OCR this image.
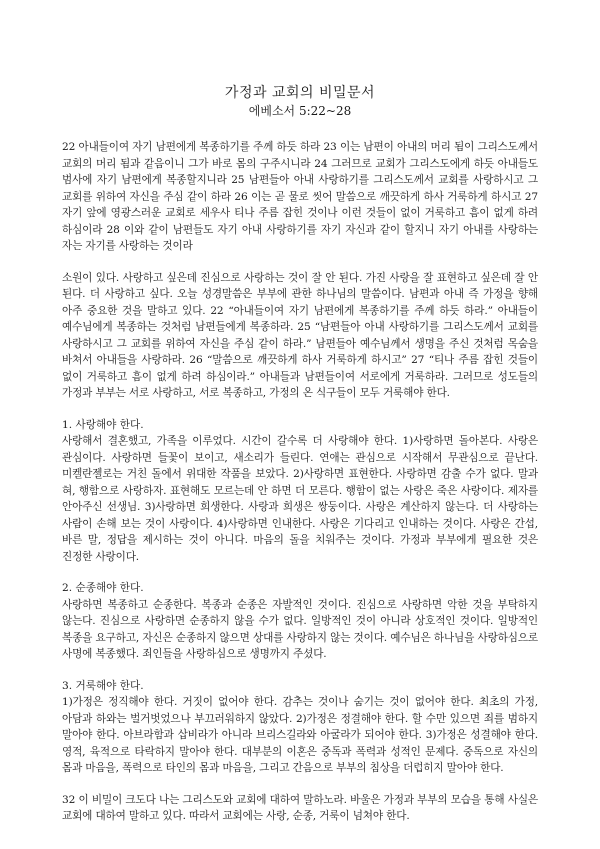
가정과 교회의 비밀문서
에베소서 5:22~28

22 아내들이여 자기 남편에게 복종하기를 주께 하듯 하라 23 이는 남편이 아내의 머리 됨이 그리스도께서 교회의 머리 됨과 같음이니 그가 바로 몸의 구주시니라 24 그러므로 교회가 그리스도에게 하듯 아내들도 범사에 자기 남편에게 복종할지니라 25 남편들아 아내 사랑하기를 그리스도께서 교회를 사랑하시고 그 교회를 위하여 자신을 주심 같이 하라 26 이는 곧 물로 씻어 말씀으로 깨끗하게 하사 거룩하게 하시고 27 자기 앞에 영광스러운 교회로 세우사 티나 주름 잡힌 것이나 이런 것들이 없이 거룩하고 흠이 없게 하려 하심이라 28 이와 같이 남편들도 자기 아내 사랑하기를 자기 자신과 같이 할지니 자기 아내를 사랑하는 자는 자기를 사랑하는 것이라

소원이 있다. 사랑하고 싶은데 진심으로 사랑하는 것이 잘 안 된다. 가진 사랑을 잘 표현하고 싶은데 잘 안 된다. 더 사랑하고 싶다. 오늘 성경말씀은 부부에 관한 하나님의 말씀이다. 남편과 아내 즉 가정을 향해 아주 중요한 것을 말하고 있다. 22 “아내들이여 자기 남편에게 복종하기를 주께 하듯 하라.” 아내들이 예수님에게 복종하는 것처럼 남편들에게 복종하라. 25 “남편들아 아내 사랑하기를 그리스도께서 교회를 사랑하시고 그 교회를 위하여 자신을 주심 같이 하라.” 남편들아 예수님께서 생명을 주신 것처럼 목숨을 바쳐서 아내들을 사랑하라. 26 “말씀으로 깨끗하게 하사 거룩하게 하시고” 27 “티나 주름 잡힌 것들이 없이 거룩하고 흠이 없게 하려 하심이라.” 아내들과 남편들이여 서로에게 거룩하라. 그러므로 성도들의 가정과 부부는 서로 사랑하고, 서로 복종하고, 가정의 온 식구들이 모두 거룩해야 한다.

1. 사랑해야 한다.

사랑해서 결혼했고, 가족을 이루었다. 시간이 갈수록 더 사랑해야 한다. 1)사랑하면 돌아본다. 사랑은 관심이다. 사랑하면 들꽃이 보이고, 새소리가 들린다. 연애는 관심으로 시작해서 무관심으로 끝난다. 미켈란젤로는 거친 돌에서 위대한 작품을 보았다. 2)사랑하면 표현한다. 사랑하면 감출 수가 없다. 말과 혀, 행함으로 사랑하자. 표현해도 모르는데 안 하면 더 모른다. 행함이 없는 사랑은 죽은 사랑이다. 제자를 안아주신 선생님. 3)사랑하면 희생한다. 사랑과 희생은 쌍둥이다. 사랑은 계산하지 않는다. 더 사랑하는 사람이 손해 보는 것이 사랑이다. 4)사랑하면 인내한다. 사랑은 기다리고 인내하는 것이다. 사랑은 간섭, 바른 말, 정답을 제시하는 것이 아니다. 마음의 돌을 치워주는 것이다. 가정과 부부에게 필요한 것은 진정한 사랑이다.

2. 순종해야 한다.

사랑하면 복종하고 순종한다. 복종과 순종은 자발적인 것이다. 진심으로 사랑하면 악한 것을 부탁하지 않는다. 진심으로 사랑하면 순종하지 않을 수가 없다. 일방적인 것이 아니라 상호적인 것이다. 일방적인 복종을 요구하고, 자신은 순종하지 않으면 상대를 사랑하지 않는 것이다. 예수님은 하나님을 사랑하심으로 사명에 복종했다. 죄인들을 사랑하심으로 생명까지 주셨다.

3. 거룩해야 한다.

1)가정은 정직해야 한다. 거짓이 없어야 한다. 감추는 것이나 숨기는 것이 없어야 한다. 최초의 가정, 아담과 하와는 벌거벗었으나 부끄러워하지 않았다. 2)가정은 정결해야 한다. 할 수만 있으면 죄를 범하지 말아야 한다. 아브라함과 삽비라가 아니라 브리스길라와 아굴라가 되어야 한다. 3)가정은 성결해야 한다. 영적, 육적으로 타락하지 말아야 한다. 대부분의 이혼은 중독과 폭력과 성적인 문제다. 중독으로 자신의 몸과 마음을, 폭력으로 타인의 몸과 마음을, 그리고 간음으로 부부의 침상을 더럽히지 말아야 한다.

32 이 비밀이 크도다 나는 그리스도와 교회에 대하여 말하노라. 바울은 가정과 부부의 모습을 통해 사실은 교회에 대하여 말하고 있다. 따라서 교회에는 사랑, 순종, 거룩이 넘쳐야 한다.
